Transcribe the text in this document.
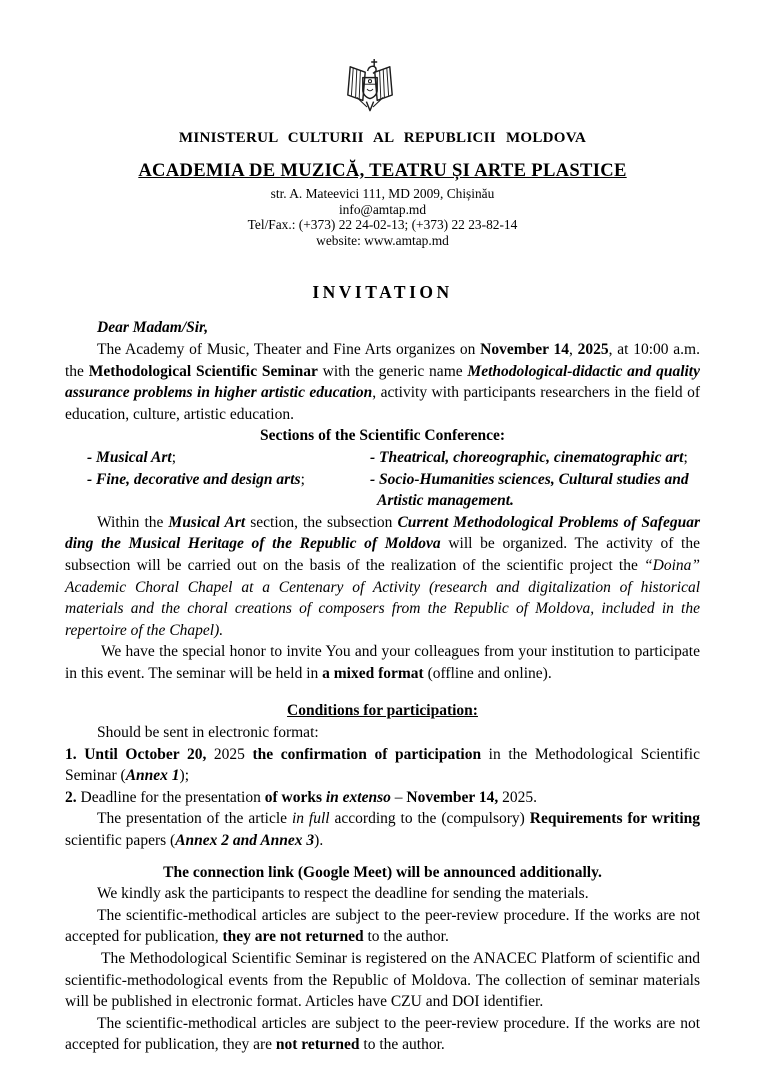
MINISTERUL CULTURII AL REPUBLICII MOLDOVA
ACADEMIA DE MUZICĂ, TEATRU ȘI ARTE PLASTICE
str. A. Mateevici 111, MD 2009, Chișinău
info@amtap.md
Tel/Fax.: (+373) 22 24-02-13; (+373) 22 23-82-14
website: www.amtap.md
INVITATION

Dear Madam/Sir,

The Academy of Music, Theater and Fine Arts organizes on November 14, 2025, at 10:00 a.m. the Methodological Scientific Seminar with the generic name Methodological-didactic and quality assurance problems in higher artistic education, activity with participants researchers in the field of education, culture, artistic education.

Sections of the Scientific Conference:
- Musical Art;
- Fine, decorative and design arts;
- Theatrical, choreographic, cinematographic art;
- Socio-Humanities sciences, Cultural studies and
Artistic management.

Within the Musical Art section, the subsection Current Methodological Problems of Safeguar ding the Musical Heritage of the Republic of Moldova will be organized. The activity of the subsection will be carried out on the basis of the realization of the scientific project the “Doina” Academic Choral Chapel at a Centenary of Activity (research and digitalization of historical materials and the choral creations of composers from the Republic of Moldova, included in the repertoire of the Chapel).

We have the special honor to invite You and your colleagues from your institution to participate in this event. The seminar will be held in a mixed format (offline and online).

Conditions for participation:

Should be sent in electronic format:

1. Until October 20, 2025 the confirmation of participation in the Methodological Scientific Seminar (Annex 1);

2. Deadline for the presentation of works in extenso – November 14, 2025.

The presentation of the article in full according to the (compulsory) Requirements for writing scientific papers (Annex 2 and Annex 3).

The connection link (Google Meet) will be announced additionally.

We kindly ask the participants to respect the deadline for sending the materials.

The scientific-methodical articles are subject to the peer-review procedure. If the works are not accepted for publication, they are not returned to the author.

The Methodological Scientific Seminar is registered on the ANACEC Platform of scientific and scientific-methodological events from the Republic of Moldova. The collection of seminar materials will be published in electronic format. Articles have CZU and DOI identifier.

The scientific-methodical articles are subject to the peer-review procedure. If the works are not accepted for publication, they are not returned to the author.
